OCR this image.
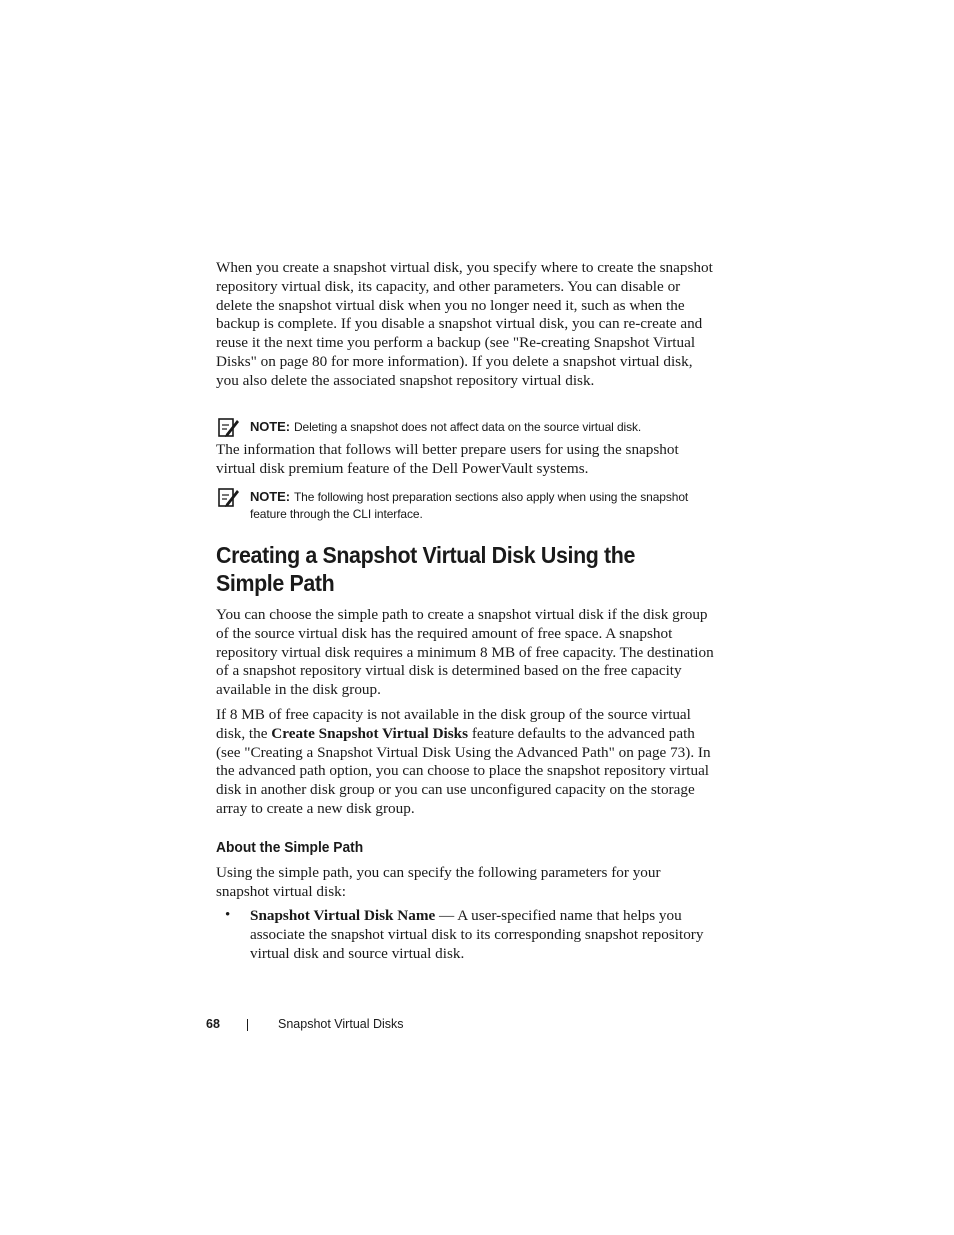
When you create a snapshot virtual disk, you specify where to create the snapshot repository virtual disk, its capacity, and other parameters. You can disable or delete the snapshot virtual disk when you no longer need it, such as when the backup is complete. If you disable a snapshot virtual disk, you can re-create and reuse it the next time you perform a backup (see "Re-creating Snapshot Virtual Disks" on page 80 for more information). If you delete a snapshot virtual disk, you also delete the associated snapshot repository virtual disk.

NOTE: Deleting a snapshot does not affect data on the source virtual disk.

The information that follows will better prepare users for using the snapshot virtual disk premium feature of the Dell PowerVault systems.

NOTE: The following host preparation sections also apply when using the snapshot feature through the CLI interface.

Creating a Snapshot Virtual Disk Using the
Simple Path

You can choose the simple path to create a snapshot virtual disk if the disk group of the source virtual disk has the required amount of free space. A snapshot repository virtual disk requires a minimum 8 MB of free capacity. The destination of a snapshot repository virtual disk is determined based on the free capacity available in the disk group.

If 8 MB of free capacity is not available in the disk group of the source virtual disk, the Create Snapshot Virtual Disks feature defaults to the advanced path (see "Creating a Snapshot Virtual Disk Using the Advanced Path" on page 73). In the advanced path option, you can choose to place the snapshot repository virtual disk in another disk group or you can use unconfigured capacity on the storage array to create a new disk group.

About the Simple Path

Using the simple path, you can specify the following parameters for your snapshot virtual disk:

• Snapshot Virtual Disk Name — A user-specified name that helps you associate the snapshot virtual disk to its corresponding snapshot repository virtual disk and source virtual disk.

68	Snapshot Virtual Disks
